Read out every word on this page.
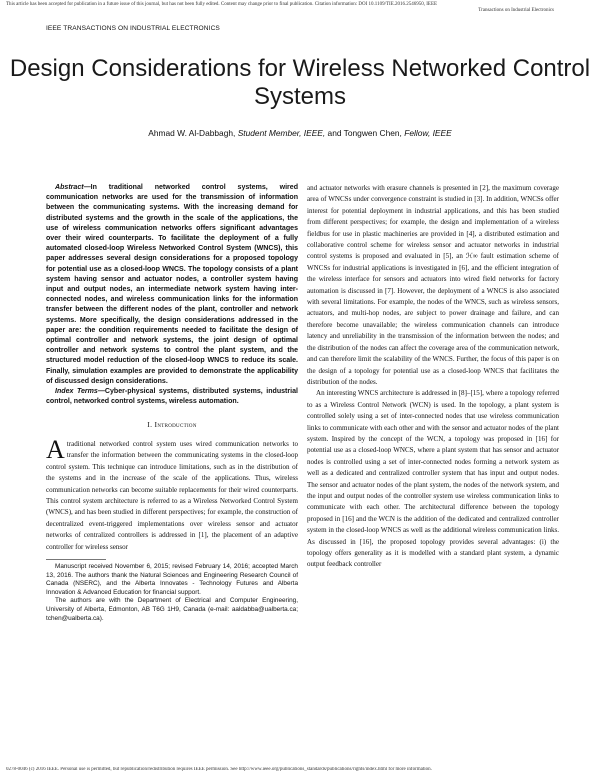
This article has been accepted for publication in a future issue of this journal, but has not been fully edited. Content may change prior to final publication. Citation information: DOI 10.1109/TIE.2016.2546950, IEEE
Transactions on Industrial Electronics
IEEE TRANSACTIONS ON INDUSTRIAL ELECTRONICS
Design Considerations for Wireless Networked Control Systems
Ahmad W. Al-Dabbagh, Student Member, IEEE, and Tongwen Chen, Fellow, IEEE

Abstract—In traditional networked control systems, wired communication networks are used for the transmission of information between the communicating systems. With the increasing demand for distributed systems and the growth in the scale of the applications, the use of wireless communication networks offers significant advantages over their wired counterparts. To facilitate the deployment of a fully automated closed-loop Wireless Networked Control System (WNCS), this paper addresses several design considerations for a proposed topology for potential use as a closed-loop WNCS. The topology consists of a plant system having sensor and actuator nodes, a controller system having input and output nodes, an intermediate network system having inter-connected nodes, and wireless communication links for the information transfer between the different nodes of the plant, controller and network systems. More specifically, the design considerations addressed in the paper are: the condition requirements needed to facilitate the design of optimal controller and network systems, the joint design of optimal controller and network systems to control the plant system, and the structured model reduction of the closed-loop WNCS to reduce its scale. Finally, simulation examples are provided to demonstrate the applicability of discussed design considerations.

Index Terms—Cyber-physical systems, distributed systems, industrial control, networked control systems, wireless automation.

I. Introduction

Atraditional networked control system uses wired communication networks to transfer the information between the communicating systems in the closed-loop control system. This technique can introduce limitations, such as in the distribution of the systems and in the increase of the scale of the applications. Thus, wireless communication networks can become suitable replacements for their wired counterparts. This control system architecture is referred to as a Wireless Networked Control System (WNCS), and has been studied in different perspectives; for example, the construction of decentralized event-triggered implementations over wireless sensor and actuator networks of centralized controllers is addressed in [1], the placement of an adaptive controller for wireless sensor

Manuscript received November 6, 2015; revised February 14, 2016; accepted March 13, 2016. The authors thank the Natural Sciences and Engineering Research Council of Canada (NSERC), and the Alberta Innovates - Technology Futures and Alberta Innovation & Advanced Education for financial support.

The authors are with the Department of Electrical and Computer Engineering, University of Alberta, Edmonton, AB T6G 1H9, Canada (e-mail: aaldabba@ualberta.ca; tchen@ualberta.ca).

and actuator networks with erasure channels is presented in [2], the maximum coverage area of WNCSs under convergence constraint is studied in [3]. In addition, WNCSs offer interest for potential deployment in industrial applications, and this has been studied from different perspectives; for example, the design and implementation of a wireless fieldbus for use in plastic machineries are provided in [4], a distributed estimation and collaborative control scheme for wireless sensor and actuator networks in industrial control systems is proposed and evaluated in [5], an ℋ∞ fault estimation scheme of WNCSs for industrial applications is investigated in [6], and the efficient integration of the wireless interface for sensors and actuators into wired field networks for factory automation is discussed in [7]. However, the deployment of a WNCS is also associated with several limitations. For example, the nodes of the WNCS, such as wireless sensors, actuators, and multi-hop nodes, are subject to power drainage and failure, and can therefore become unavailable; the wireless communication channels can introduce latency and unreliability in the transmission of the information between the nodes; and the distribution of the nodes can affect the coverage area of the communication network, and can therefore limit the scalability of the WNCS. Further, the focus of this paper is on the design of a topology for potential use as a closed-loop WNCS that facilitates the distribution of the nodes.

An interesting WNCS architecture is addressed in [8]–[15], where a topology referred to as a Wireless Control Network (WCN) is used. In the topology, a plant system is controlled solely using a set of inter-connected nodes that use wireless communication links to communicate with each other and with the sensor and actuator nodes of the plant system. Inspired by the concept of the WCN, a topology was proposed in [16] for potential use as a closed-loop WNCS, where a plant system that has sensor and actuator nodes is controlled using a set of inter-connected nodes forming a network system as well as a dedicated and centralized controller system that has input and output nodes. The sensor and actuator nodes of the plant system, the nodes of the network system, and the input and output nodes of the controller system use wireless communication links to communicate with each other. The architectural difference between the topology proposed in [16] and the WCN is the addition of the dedicated and centralized controller system in the closed-loop WNCS as well as the additional wireless communication links. As discussed in [16], the proposed topology provides several advantages: (i) the topology offers generality as it is modelled with a standard plant system, a dynamic output feedback controller

0278-0046 (c) 2016 IEEE. Personal use is permitted, but republication/redistribution requires IEEE permission. See http://www.ieee.org/publications_standards/publications/rights/index.html for more information.
